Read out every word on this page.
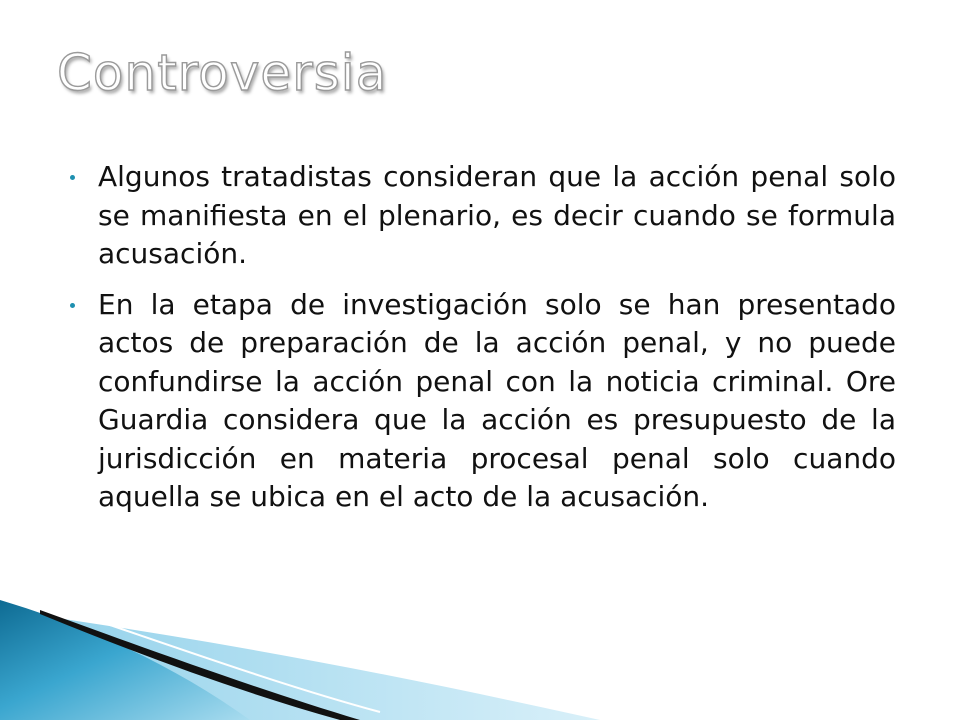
Controversia
Algunos tratadistas consideran que la acción penal solo se manifiesta en el plenario, es decir cuando se formula acusación.
En la etapa de investigación solo se han presentado actos de preparación de la acción penal, y no puede confundirse la acción penal con la noticia criminal. Ore Guardia considera que la acción es presupuesto de la jurisdicción en materia procesal penal solo cuando aquella se ubica en el acto de la acusación.
